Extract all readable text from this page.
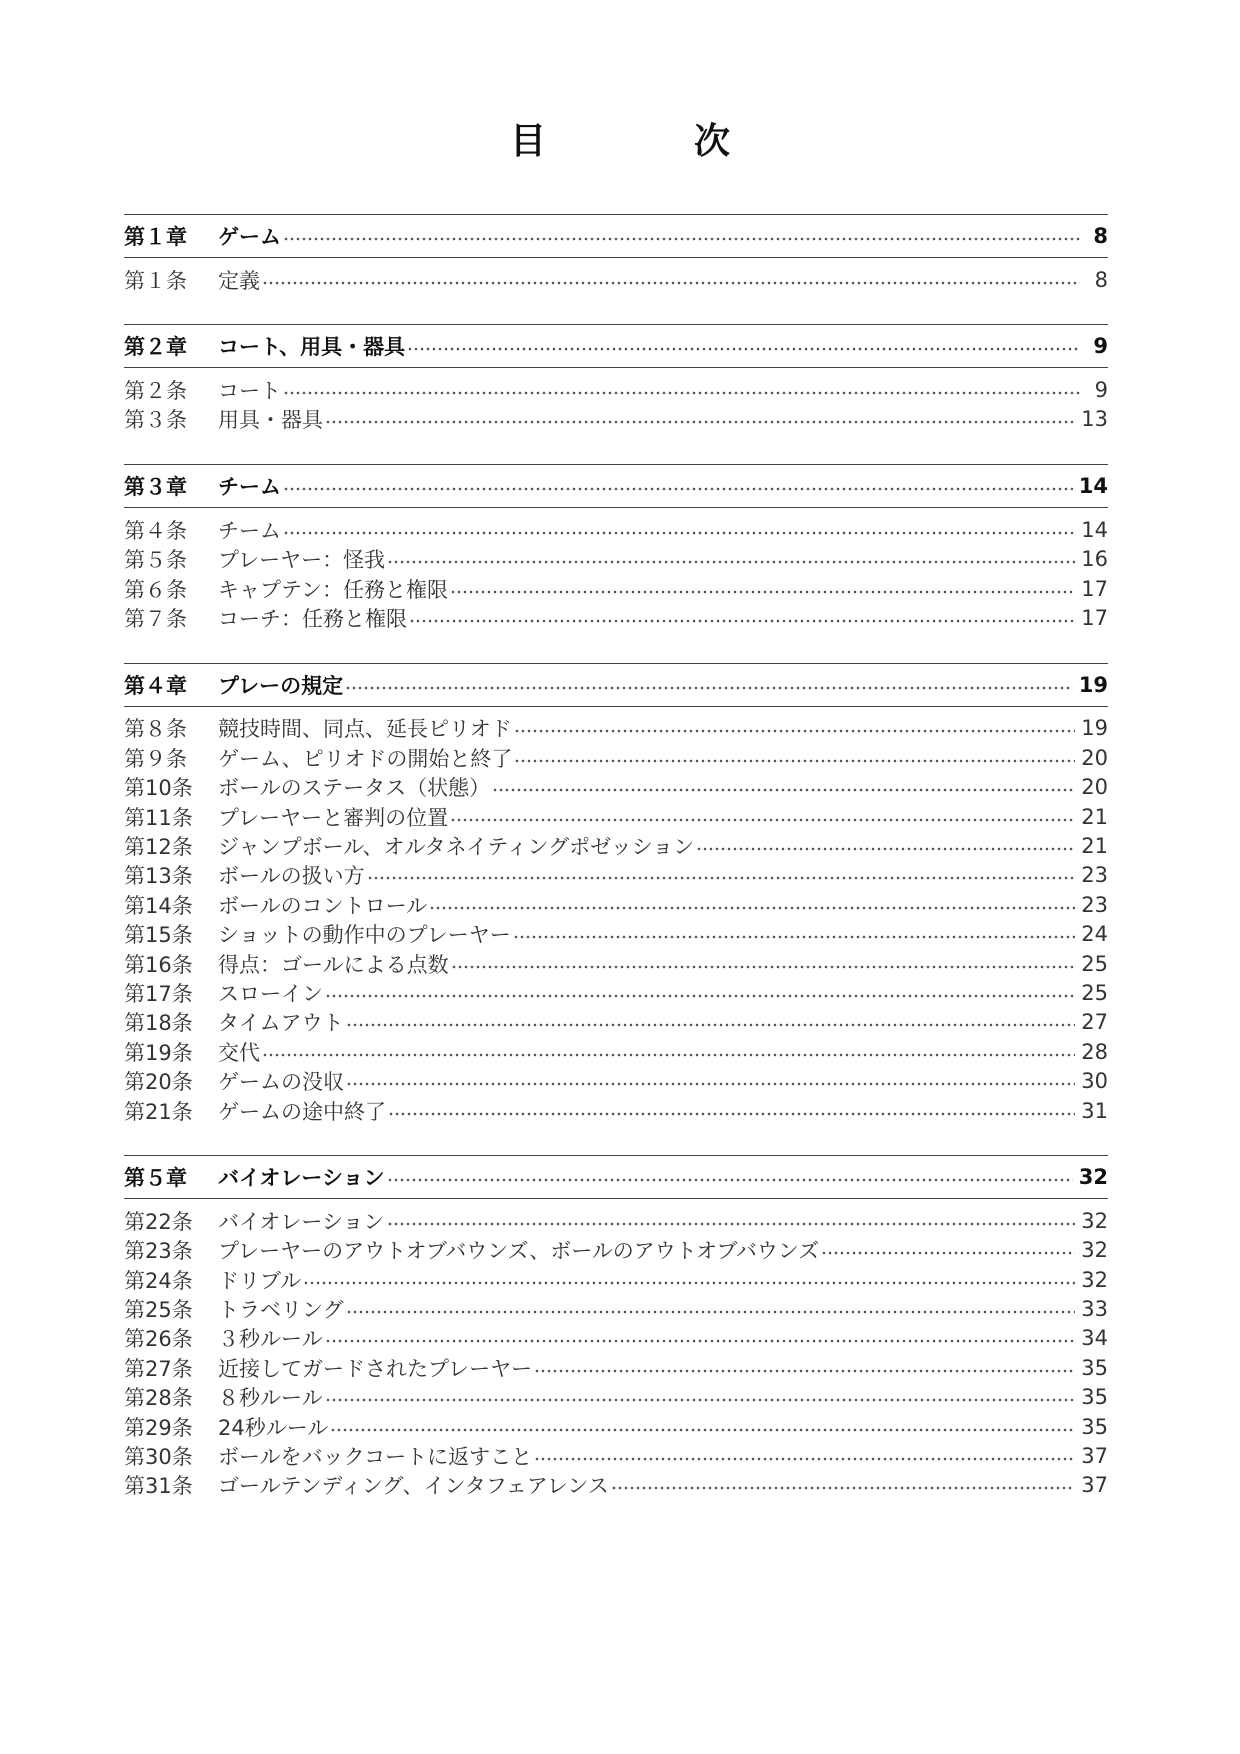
目　次
第１章	ゲーム	8
第１条	定義	8
第２章	コート、用具・器具	9
第２条	コート	9
第３条	用具・器具	13
第３章	チーム	14
第４条	チーム	14
第５条	プレーヤー：怪我	16
第６条	キャプテン：任務と権限	17
第７条	コーチ：任務と権限	17
第４章	プレーの規定	19
第８条	競技時間、同点、延長ピリオド	19
第９条	ゲーム、ピリオドの開始と終了	20
第10条	ボールのステータス（状態）	20
第11条	プレーヤーと審判の位置	21
第12条	ジャンプボール、オルタネイティングポゼッション	21
第13条	ボールの扱い方	23
第14条	ボールのコントロール	23
第15条	ショットの動作中のプレーヤー	24
第16条	得点：ゴールによる点数	25
第17条	スローイン	25
第18条	タイムアウト	27
第19条	交代	28
第20条	ゲームの没収	30
第21条	ゲームの途中終了	31
第５章	バイオレーション	32
第22条	バイオレーション	32
第23条	プレーヤーのアウトオブバウンズ、ボールのアウトオブバウンズ	32
第24条	ドリブル	32
第25条	トラベリング	33
第26条	３秒ルール	34
第27条	近接してガードされたプレーヤー	35
第28条	８秒ルール	35
第29条	24秒ルール	35
第30条	ボールをバックコートに返すこと	37
第31条	ゴールテンディング、インタフェアレンス	37
